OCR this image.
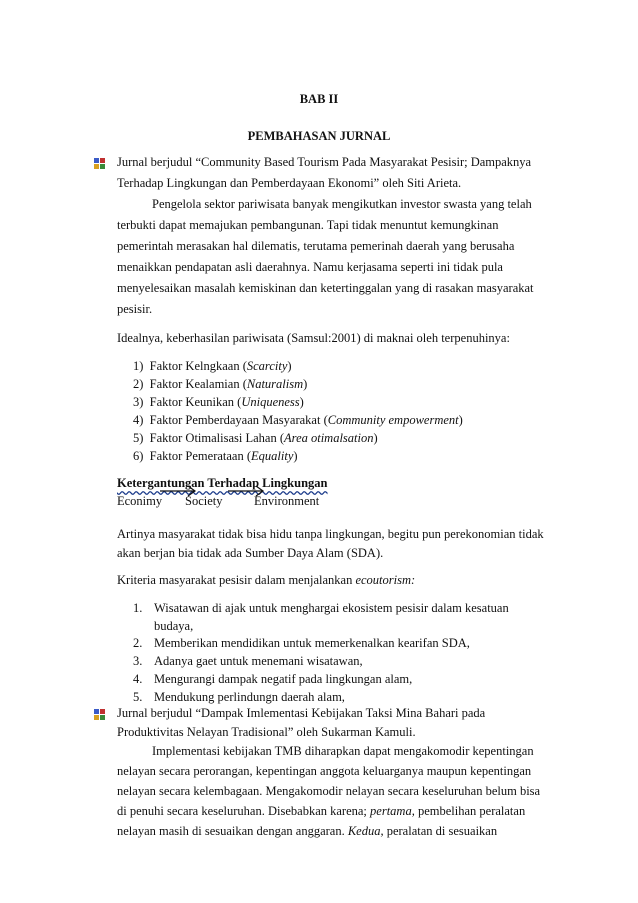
BAB II
PEMBAHASAN JURNAL
Jurnal berjudul “Community Based Tourism Pada Masyarakat Pesisir; Dampaknya
Terhadap Lingkungan dan Pemberdayaan Ekonomi” oleh Siti Arieta.
Pengelola sektor pariwisata banyak mengikutkan investor swasta yang telah
terbukti dapat memajukan pembangunan. Tapi tidak menuntut kemungkinan
pemerintah merasakan hal dilematis, terutama pemerinah daerah yang berusaha
menaikkan pendapatan asli daerahnya. Namu kerjasama seperti ini tidak pula
menyelesaikan masalah kemiskinan dan ketertinggalan yang di rasakan masyarakat
pesisir.
Idealnya, keberhasilan pariwisata (Samsul:2001) di maknai oleh terpenuhinya:
1) Faktor Kelngkaan (Scarcity)
2) Faktor Kealamian (Naturalism)
3) Faktor Keunikan (Uniqueness)
4) Faktor Pemberdayaan Masyarakat (Community empowerment)
5) Faktor Otimalisasi Lahan (Area otimalsation)
6) Faktor Pemerataan (Equality)
Ketergantungan Terhadap Lingkungan
Econimy Society	Environment
Artinya masyarakat tidak bisa hidu tanpa lingkungan, begitu pun perekonomian tidak
akan berjan bia tidak ada Sumber Daya Alam (SDA).
Kriteria masyarakat pesisir dalam menjalankan ecoutorism:
1. Wisatawan di ajak untuk menghargai ekosistem pesisir dalam kesatuan
budaya,
2. Memberikan mendidikan untuk memerkenalkan kearifan SDA,
3. Adanya gaet untuk menemani wisatawan,
4. Mengurangi dampak negatif pada lingkungan alam,
5. Mendukung perlindungn daerah alam,
Jurnal berjudul “Dampak Imlementasi Kebijakan Taksi Mina Bahari pada
Produktivitas Nelayan Tradisional” oleh Sukarman Kamuli.
Implementasi kebijakan TMB diharapkan dapat mengakomodir kepentingan
nelayan secara perorangan, kepentingan anggota keluarganya maupun kepentingan
nelayan secara kelembagaan. Mengakomodir nelayan secara keseluruhan belum bisa
di penuhi secara keseluruhan. Disebabkan karena; pertama, pembelihan peralatan
nelayan masih di sesuaikan dengan anggaran. Kedua, peralatan di sesuaikan
